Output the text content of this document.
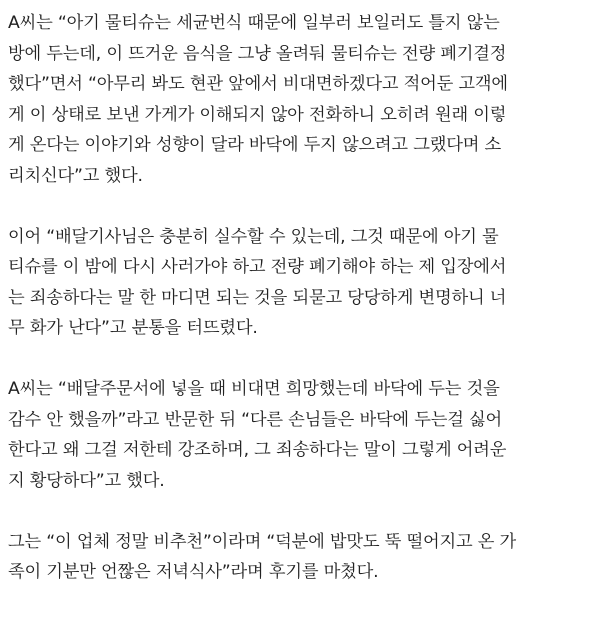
A씨는 “아기 물티슈는 세균번식 때문에 일부러 보일러도 틀지 않는
방에 두는데, 이 뜨거운 음식을 그냥 올려둬 물티슈는 전량 폐기결정
했다”면서 “아무리 봐도 현관 앞에서 비대면하겠다고 적어둔 고객에
게 이 상태로 보낸 가게가 이해되지 않아 전화하니 오히려 원래 이렇
게 온다는 이야기와 성향이 달라 바닥에 두지 않으려고 그랬다며 소
리치신다”고 했다.

이어 “배달기사님은 충분히 실수할 수 있는데, 그것 때문에 아기 물
티슈를 이 밤에 다시 사러가야 하고 전량 폐기해야 하는 제 입장에서
는 죄송하다는 말 한 마디면 되는 것을 되묻고 당당하게 변명하니 너
무 화가 난다”고 분통을 터뜨렸다.

A씨는 “배달주문서에 넣을 때 비대면 희망했는데 바닥에 두는 것을
감수 안 했을까”라고 반문한 뒤 “다른 손님들은 바닥에 두는걸 싫어
한다고 왜 그걸 저한테 강조하며, 그 죄송하다는 말이 그렇게 어려운
지 황당하다”고 했다.

그는 “이 업체 정말 비추천”이라며 “덕분에 밥맛도 뚝 떨어지고 온 가
족이 기분만 언짢은 저녁식사”라며 후기를 마쳤다.
